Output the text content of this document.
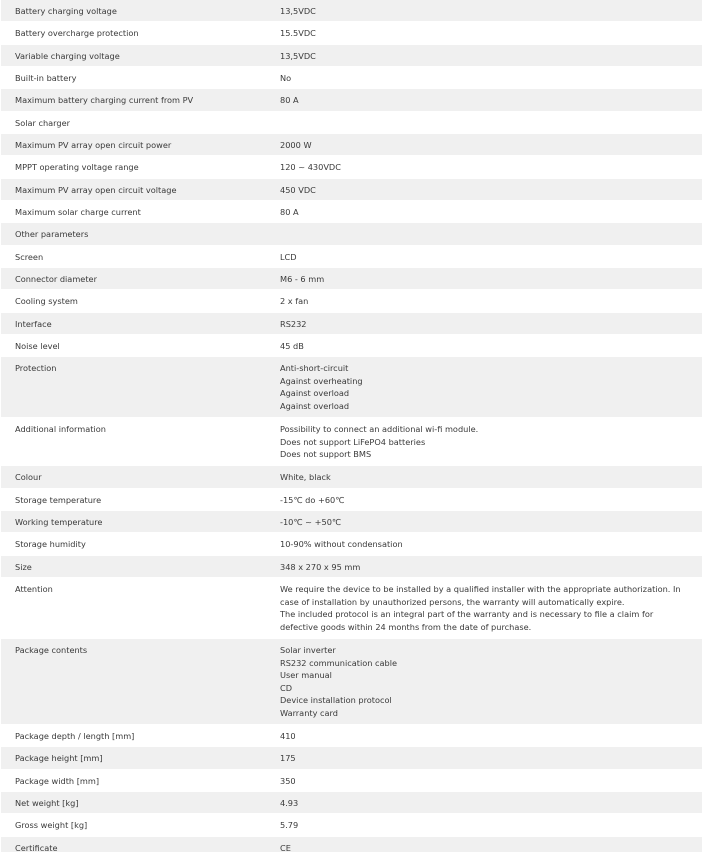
Battery charging voltage	13,5VDC
Battery overcharge protection	15.5VDC
Variable charging voltage	13,5VDC
Built-in battery	No
Maximum battery charging current from PV	80 A
Solar charger
Maximum PV array open circuit power	2000 W
MPPT operating voltage range	120 ~ 430VDC
Maximum PV array open circuit voltage	450 VDC
Maximum solar charge current	80 A
Other parameters
Screen	LCD
Connector diameter	M6 - 6 mm
Cooling system	2 x fan
Interface	RS232
Noise level	45 dB
Protection	Anti-short-circuit
Against overheating
Against overload
Against overload
Additional information	Possibility to connect an additional wi-fi module.
Does not support LiFePO4 batteries
Does not support BMS
Colour	White, black
Storage temperature	-15℃ do +60℃
Working temperature	-10℃ ~ +50℃
Storage humidity	10-90% without condensation
Size	348 x 270 x 95 mm
Attention	We require the device to be installed by a qualified installer with the appropriate authorization. In case of installation by unauthorized persons, the warranty will automatically expire.
The included protocol is an integral part of the warranty and is necessary to file a claim for defective goods within 24 months from the date of purchase.
Package contents	Solar inverter
RS232 communication cable
User manual
CD
Device installation protocol
Warranty card
Package depth / length [mm]	410
Package height [mm]	175
Package width [mm]	350
Net weight [kg]	4.93
Gross weight [kg]	5.79
Certificate	CE
